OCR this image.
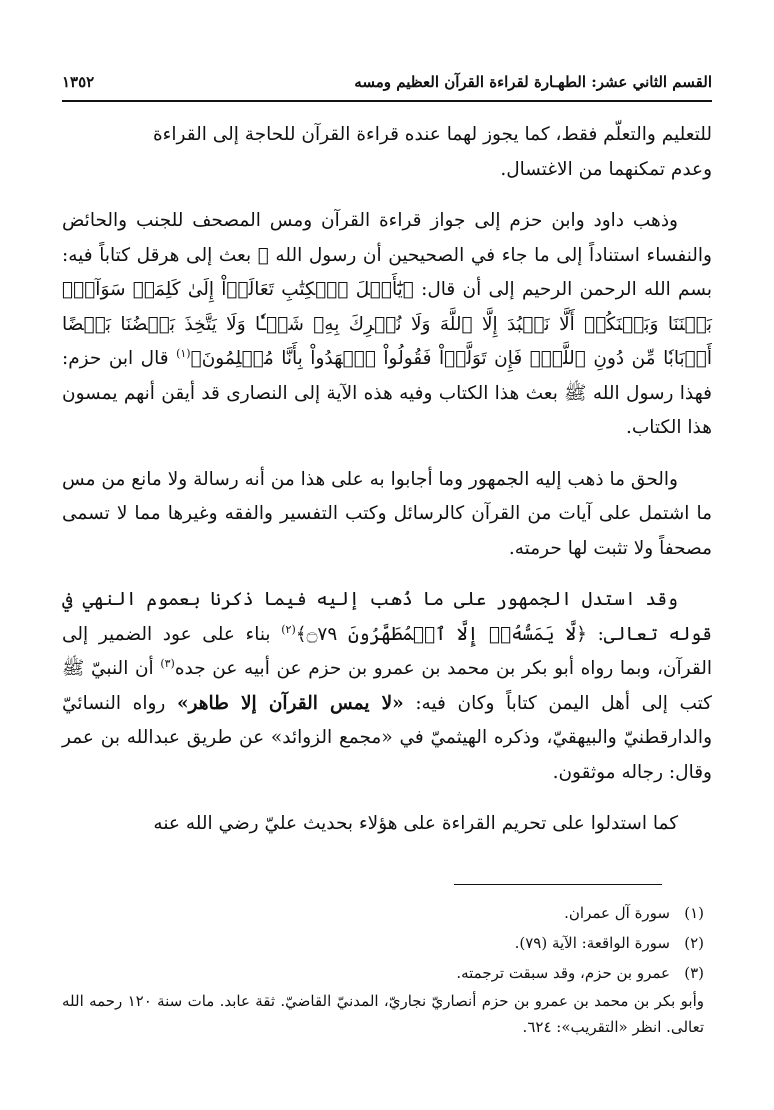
القسم الثاني عشر: الطهـارة لقراءة القرآن العظيم ومسه
١٣٥٢

للتعليم والتعلّم فقط، كما يجوز لهما عنده قراءة القرآن للحاجة إلى القراءة
وعدم تمكنهما من الاغتسال.

وذهب داود وابن حزم إلى جواز قراءة القرآن ومس المصحف للجنب والحائض والنفساء استناداً إلى ما جاء في الصحيحين أن رسول الله ﷺ بعث إلى هرقل كتاباً فيه: بسم الله الرحمن الرحيم إلى أن قال: ﴿يَٰٓأَهۡلَ ٱلۡكِتَٰبِ تَعَالَوۡاْ إِلَىٰ كَلِمَةٖ سَوَآءِۭ بَيۡنَنَا وَبَيۡنَكُمۡ أَلَّا نَعۡبُدَ إِلَّا ٱللَّهَ وَلَا نُشۡرِكَ بِهِۦ شَيۡـٔٗا وَلَا يَتَّخِذَ بَعۡضُنَا بَعۡضًا أَرۡبَابٗا مِّن دُونِ ٱللَّهِۚ فَإِن تَوَلَّوۡاْ فَقُولُواْ ٱشۡهَدُواْ بِأَنَّا مُسۡلِمُونَ﴾$^{(١)}$ قال ابن حزم: فهذا رسول الله ﷺ بعث هذا الكتاب وفيه هذه الآية إلى النصارى قد أيقن أنهم يمسون هذا الكتاب.

والحق ما ذهب إليه الجمهور وما أجابوا به على هذا من أنه رسالة ولا مانع من مس ما اشتمل على آيات من القرآن كالرسائل وكتب التفسير والفقه وغيرها مما لا تسمى مصحفاً ولا تثبت لها حرمته.

وقد استدل الجمهور على ما ذُهب إليه فيما ذكرنا بعموم النهي في قوله تعالى: ﴿لَّا يَمَسُّهُۥٓ إِلَّا ٱلۡمُطَهَّرُونَ ۝٧٩﴾$^{(٢)}$ بناء على عود الضمير إلى القرآن، وبما رواه أبو بكر بن محمد بن عمرو بن حزم عن أبيه عن جده$^{(٣)}$ أن النبيّ ﷺ كتب إلى أهل اليمن كتاباً وكان فيه: «لا يمس القرآن إلا طاهر» رواه النسائيّ والدارقطنيّ والبيهقيّ، وذكره الهيثميّ في «مجمع الزوائد» عن طريق عبدالله بن عمر وقال: رجاله موثقون.

كما استدلوا على تحريم القراءة على هؤلاء بحديث عليّ رضي الله عنه

(١)سورة آل عمران.

(٢)سورة الواقعة: الآية (٧٩).

(٣)عمرو بن حزم، وقد سبقت ترجمته.

وأبو بكر بن محمد بن عمرو بن حزم أنصاريّ نجاريّ، المدنيّ القاضيّ. ثقة عابد. مات سنة ١٢٠ رحمه الله تعالى. انظر «التقريب»: ٦٢٤.
